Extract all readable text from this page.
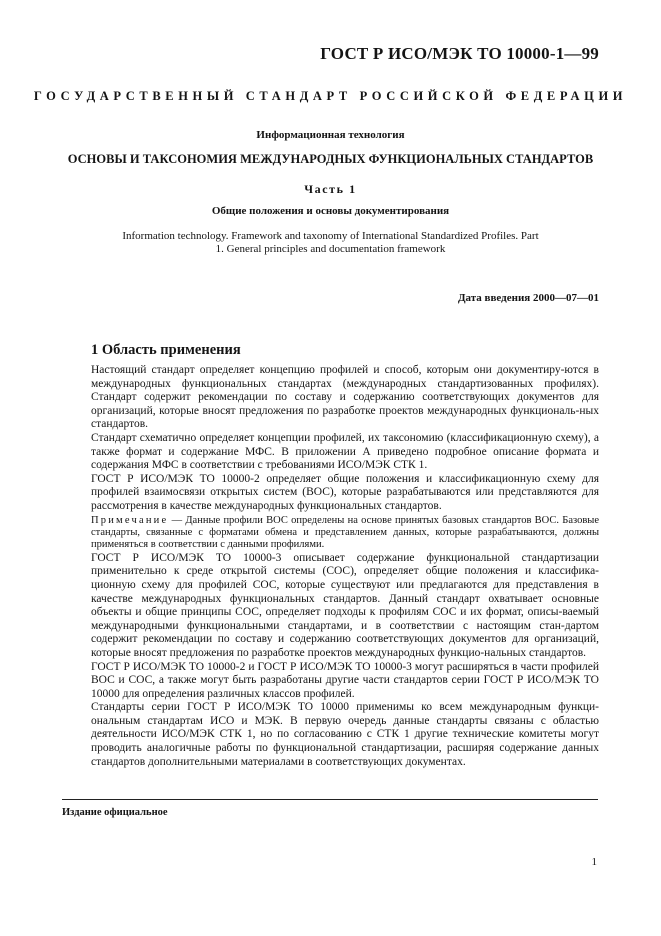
ГОСТ Р ИСО/МЭК ТО 10000-1—99
ГОСУДАРСТВЕННЫЙ СТАНДАРТ РОССИЙСКОЙ ФЕДЕРАЦИИ
Информационная технология
ОСНОВЫ И ТАКСОНОМИЯ МЕЖДУНАРОДНЫХ ФУНКЦИОНАЛЬНЫХ СТАНДАРТОВ
Часть 1
Общие положения и основы документирования
Information technology. Framework and taxonomy of International Standardized Profiles. Part 1. General principles and documentation framework
Дата введения 2000—07—01
1 Область применения

Настоящий стандарт определяет концепцию профилей и способ, которым они документиру-ются в международных функциональных стандартах (международных стандартизованных профилях). Стандарт содержит рекомендации по составу и содержанию соответствующих документов для организаций, которые вносят предложения по разработке проектов международных функциональ-ных стандартов.

Стандарт схематично определяет концепции профилей, их таксономию (классификационную схему), а также формат и содержание МФС. В приложении А приведено подробное описание формата и содержания МФС в соответствии с требованиями ИСО/МЭК СТК 1.

ГОСТ Р ИСО/МЭК ТО 10000-2 определяет общие положения и классификационную схему для профилей взаимосвязи открытых систем (ВОС), которые разрабатываются или представляются для рассмотрения в качестве международных функциональных стандартов.

Примечание — Данные профили ВОС определены на основе принятых базовых стандартов ВОС. Базовые стандарты, связанные с форматами обмена и представлением данных, которые разрабатываются, должны применяться в соответствии с данными профилями.

ГОСТ Р ИСО/МЭК ТО 10000-3 описывает содержание функциональной стандартизации применительно к среде открытой системы (СОС), определяет общие положения и классифика-ционную схему для профилей СОС, которые существуют или предлагаются для представления в качестве международных функциональных стандартов. Данный стандарт охватывает основные объекты и общие принципы СОС, определяет подходы к профилям СОС и их формат, описы-ваемый международными функциональными стандартами, и в соответствии с настоящим стан-дартом содержит рекомендации по составу и содержанию соответствующих документов для организаций, которые вносят предложения по разработке проектов международных функцио-нальных стандартов.

ГОСТ Р ИСО/МЭК ТО 10000-2 и ГОСТ Р ИСО/МЭК ТО 10000-3 могут расширяться в части профилей ВОС и СОС, а также могут быть разработаны другие части стандартов серии ГОСТ Р ИСО/МЭК ТО 10000 для определения различных классов профилей.

Стандарты серии ГОСТ Р ИСО/МЭК ТО 10000 применимы ко всем международным функци-ональным стандартам ИСО и МЭК. В первую очередь данные стандарты связаны с областью деятельности ИСО/МЭК СТК 1, но по согласованию с СТК 1 другие технические комитеты могут проводить аналогичные работы по функциональной стандартизации, расширяя содержание данных стандартов дополнительными материалами в соответствующих документах.

Издание официальное
1
